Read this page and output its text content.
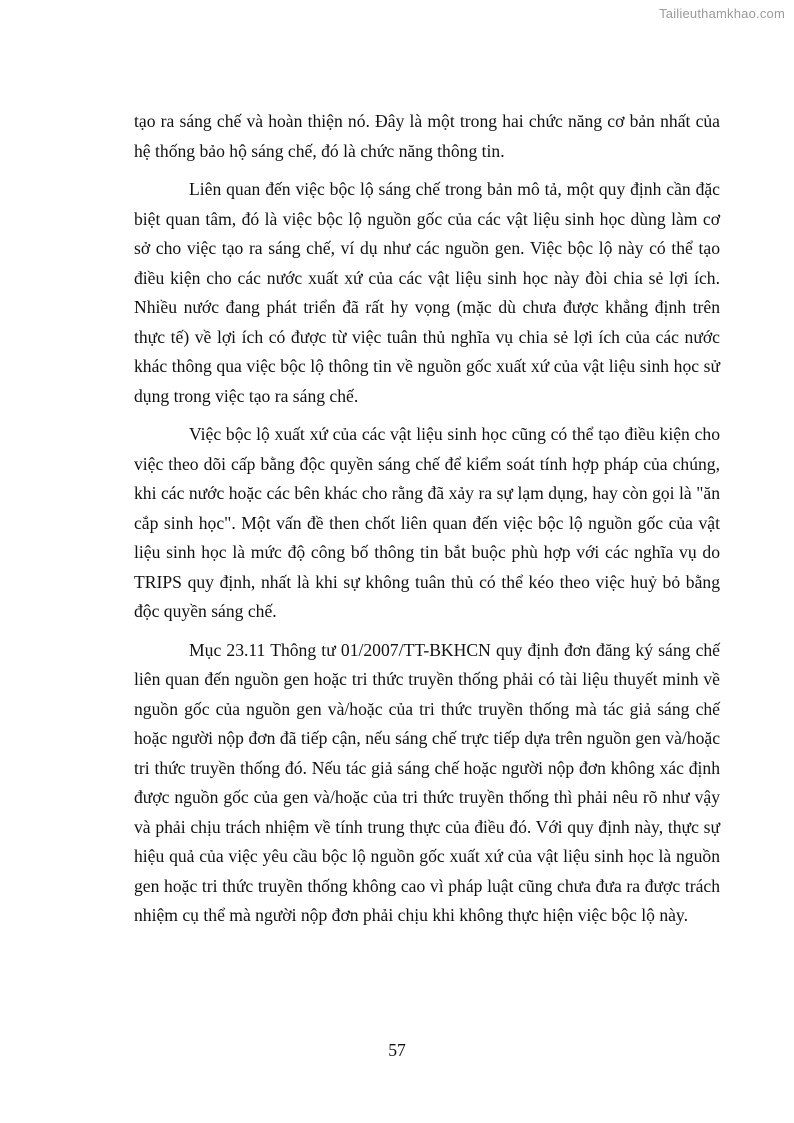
Tailieuthamkhao.com

tạo ra sáng chế và hoàn thiện nó. Đây là một trong hai chức năng cơ bản nhất của hệ thống bảo hộ sáng chế, đó là chức năng thông tin.

Liên quan đến việc bộc lộ sáng chế trong bản mô tả, một quy định cần đặc biệt quan tâm, đó là việc bộc lộ nguồn gốc của các vật liệu sinh học dùng làm cơ sở cho việc tạo ra sáng chế, ví dụ như các nguồn gen. Việc bộc lộ này có thể tạo điều kiện cho các nước xuất xứ của các vật liệu sinh học này đòi chia sẻ lợi ích. Nhiều nước đang phát triển đã rất hy vọng (mặc dù chưa được khẳng định trên thực tế) về lợi ích có được từ việc tuân thủ nghĩa vụ chia sẻ lợi ích của các nước khác thông qua việc bộc lộ thông tin về nguồn gốc xuất xứ của vật liệu sinh học sử dụng trong việc tạo ra sáng chế.

Việc bộc lộ xuất xứ của các vật liệu sinh học cũng có thể tạo điều kiện cho việc theo dõi cấp bằng độc quyền sáng chế để kiểm soát tính hợp pháp của chúng, khi các nước hoặc các bên khác cho rằng đã xảy ra sự lạm dụng, hay còn gọi là "ăn cắp sinh học". Một vấn đề then chốt liên quan đến việc bộc lộ nguồn gốc của vật liệu sinh học là mức độ công bố thông tin bắt buộc phù hợp với các nghĩa vụ do TRIPS quy định, nhất là khi sự không tuân thủ có thể kéo theo việc huỷ bỏ bằng độc quyền sáng chế.

Mục 23.11 Thông tư 01/2007/TT-BKHCN quy định đơn đăng ký sáng chế liên quan đến nguồn gen hoặc tri thức truyền thống phải có tài liệu thuyết minh về nguồn gốc của nguồn gen và/hoặc của tri thức truyền thống mà tác giả sáng chế hoặc người nộp đơn đã tiếp cận, nếu sáng chế trực tiếp dựa trên nguồn gen và/hoặc tri thức truyền thống đó. Nếu tác giả sáng chế hoặc người nộp đơn không xác định được nguồn gốc của gen và/hoặc của tri thức truyền thống thì phải nêu rõ như vậy và phải chịu trách nhiệm về tính trung thực của điều đó. Với quy định này, thực sự hiệu quả của việc yêu cầu bộc lộ nguồn gốc xuất xứ của vật liệu sinh học là nguồn gen hoặc tri thức truyền thống không cao vì pháp luật cũng chưa đưa ra được trách nhiệm cụ thể mà người nộp đơn phải chịu khi không thực hiện việc bộc lộ này.

57
